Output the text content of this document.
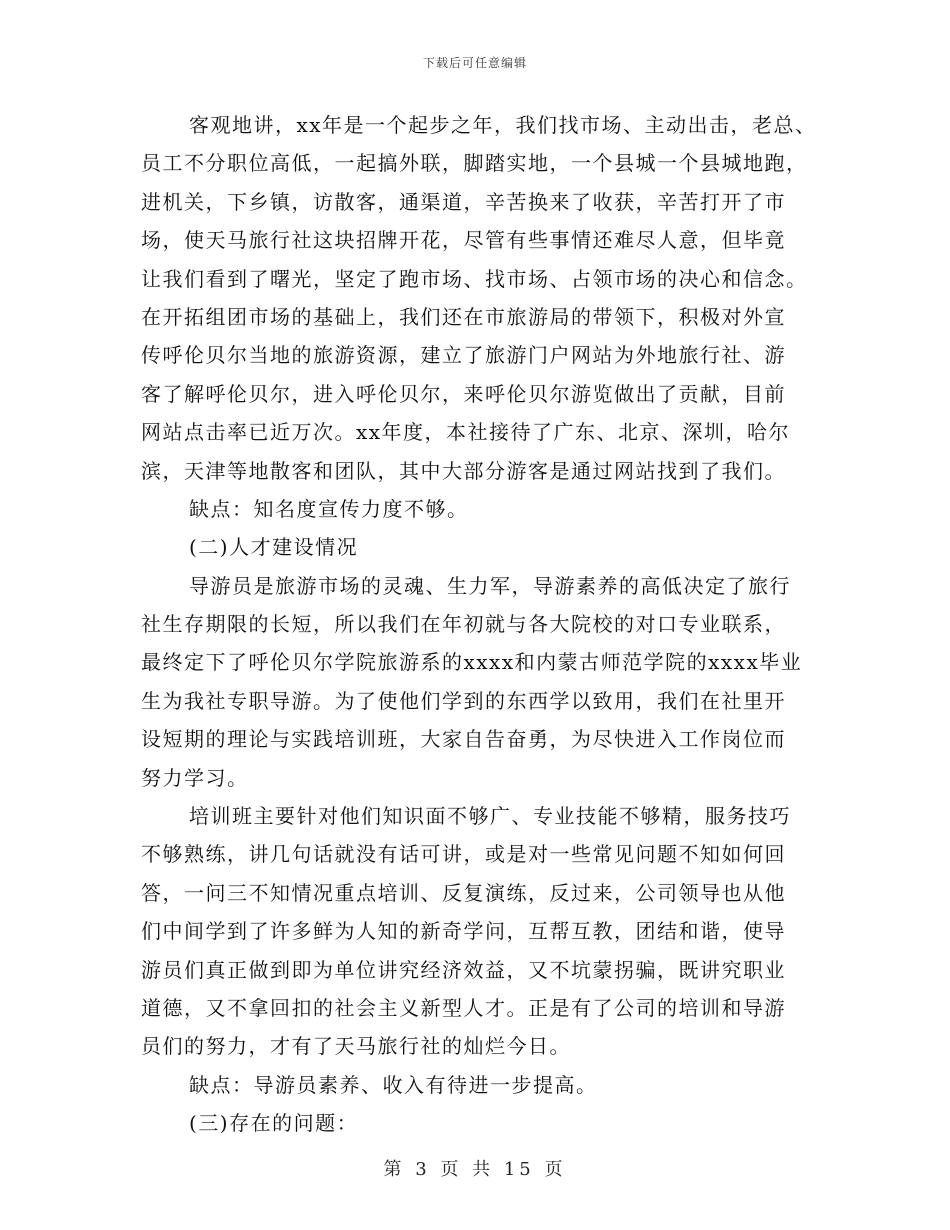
下载后可任意编辑
客观地讲，xx年是一个起步之年，我们找市场、主动出击，老总、
员工不分职位高低，一起搞外联，脚踏实地，一个县城一个县城地跑，
进机关，下乡镇，访散客，通渠道，辛苦换来了收获，辛苦打开了市
场，使天马旅行社这块招牌开花，尽管有些事情还难尽人意，但毕竟
让我们看到了曙光，坚定了跑市场、找市场、占领市场的决心和信念。
在开拓组团市场的基础上，我们还在市旅游局的带领下，积极对外宣
传呼伦贝尔当地的旅游资源，建立了旅游门户网站为外地旅行社、游
客了解呼伦贝尔，进入呼伦贝尔，来呼伦贝尔游览做出了贡献，目前
网站点击率已近万次。xx年度，本社接待了广东、北京、深圳，哈尔
滨，天津等地散客和团队，其中大部分游客是通过网站找到了我们。
缺点：知名度宣传力度不够。
(二)人才建设情况
导游员是旅游市场的灵魂、生力军，导游素养的高低决定了旅行
社生存期限的长短，所以我们在年初就与各大院校的对口专业联系，
最终定下了呼伦贝尔学院旅游系的xxxx和内蒙古师范学院的xxxx毕业
生为我社专职导游。为了使他们学到的东西学以致用，我们在社里开
设短期的理论与实践培训班，大家自告奋勇，为尽快进入工作岗位而
努力学习。
培训班主要针对他们知识面不够广、专业技能不够精，服务技巧
不够熟练，讲几句话就没有话可讲，或是对一些常见问题不知如何回
答，一问三不知情况重点培训、反复演练，反过来，公司领导也从他
们中间学到了许多鲜为人知的新奇学问，互帮互教，团结和谐，使导
游员们真正做到即为单位讲究经济效益，又不坑蒙拐骗，既讲究职业
道德，又不拿回扣的社会主义新型人才。正是有了公司的培训和导游
员们的努力，才有了天马旅行社的灿烂今日。
缺点：导游员素养、收入有待进一步提高。
(三)存在的问题：
第 3 页 共 15 页
